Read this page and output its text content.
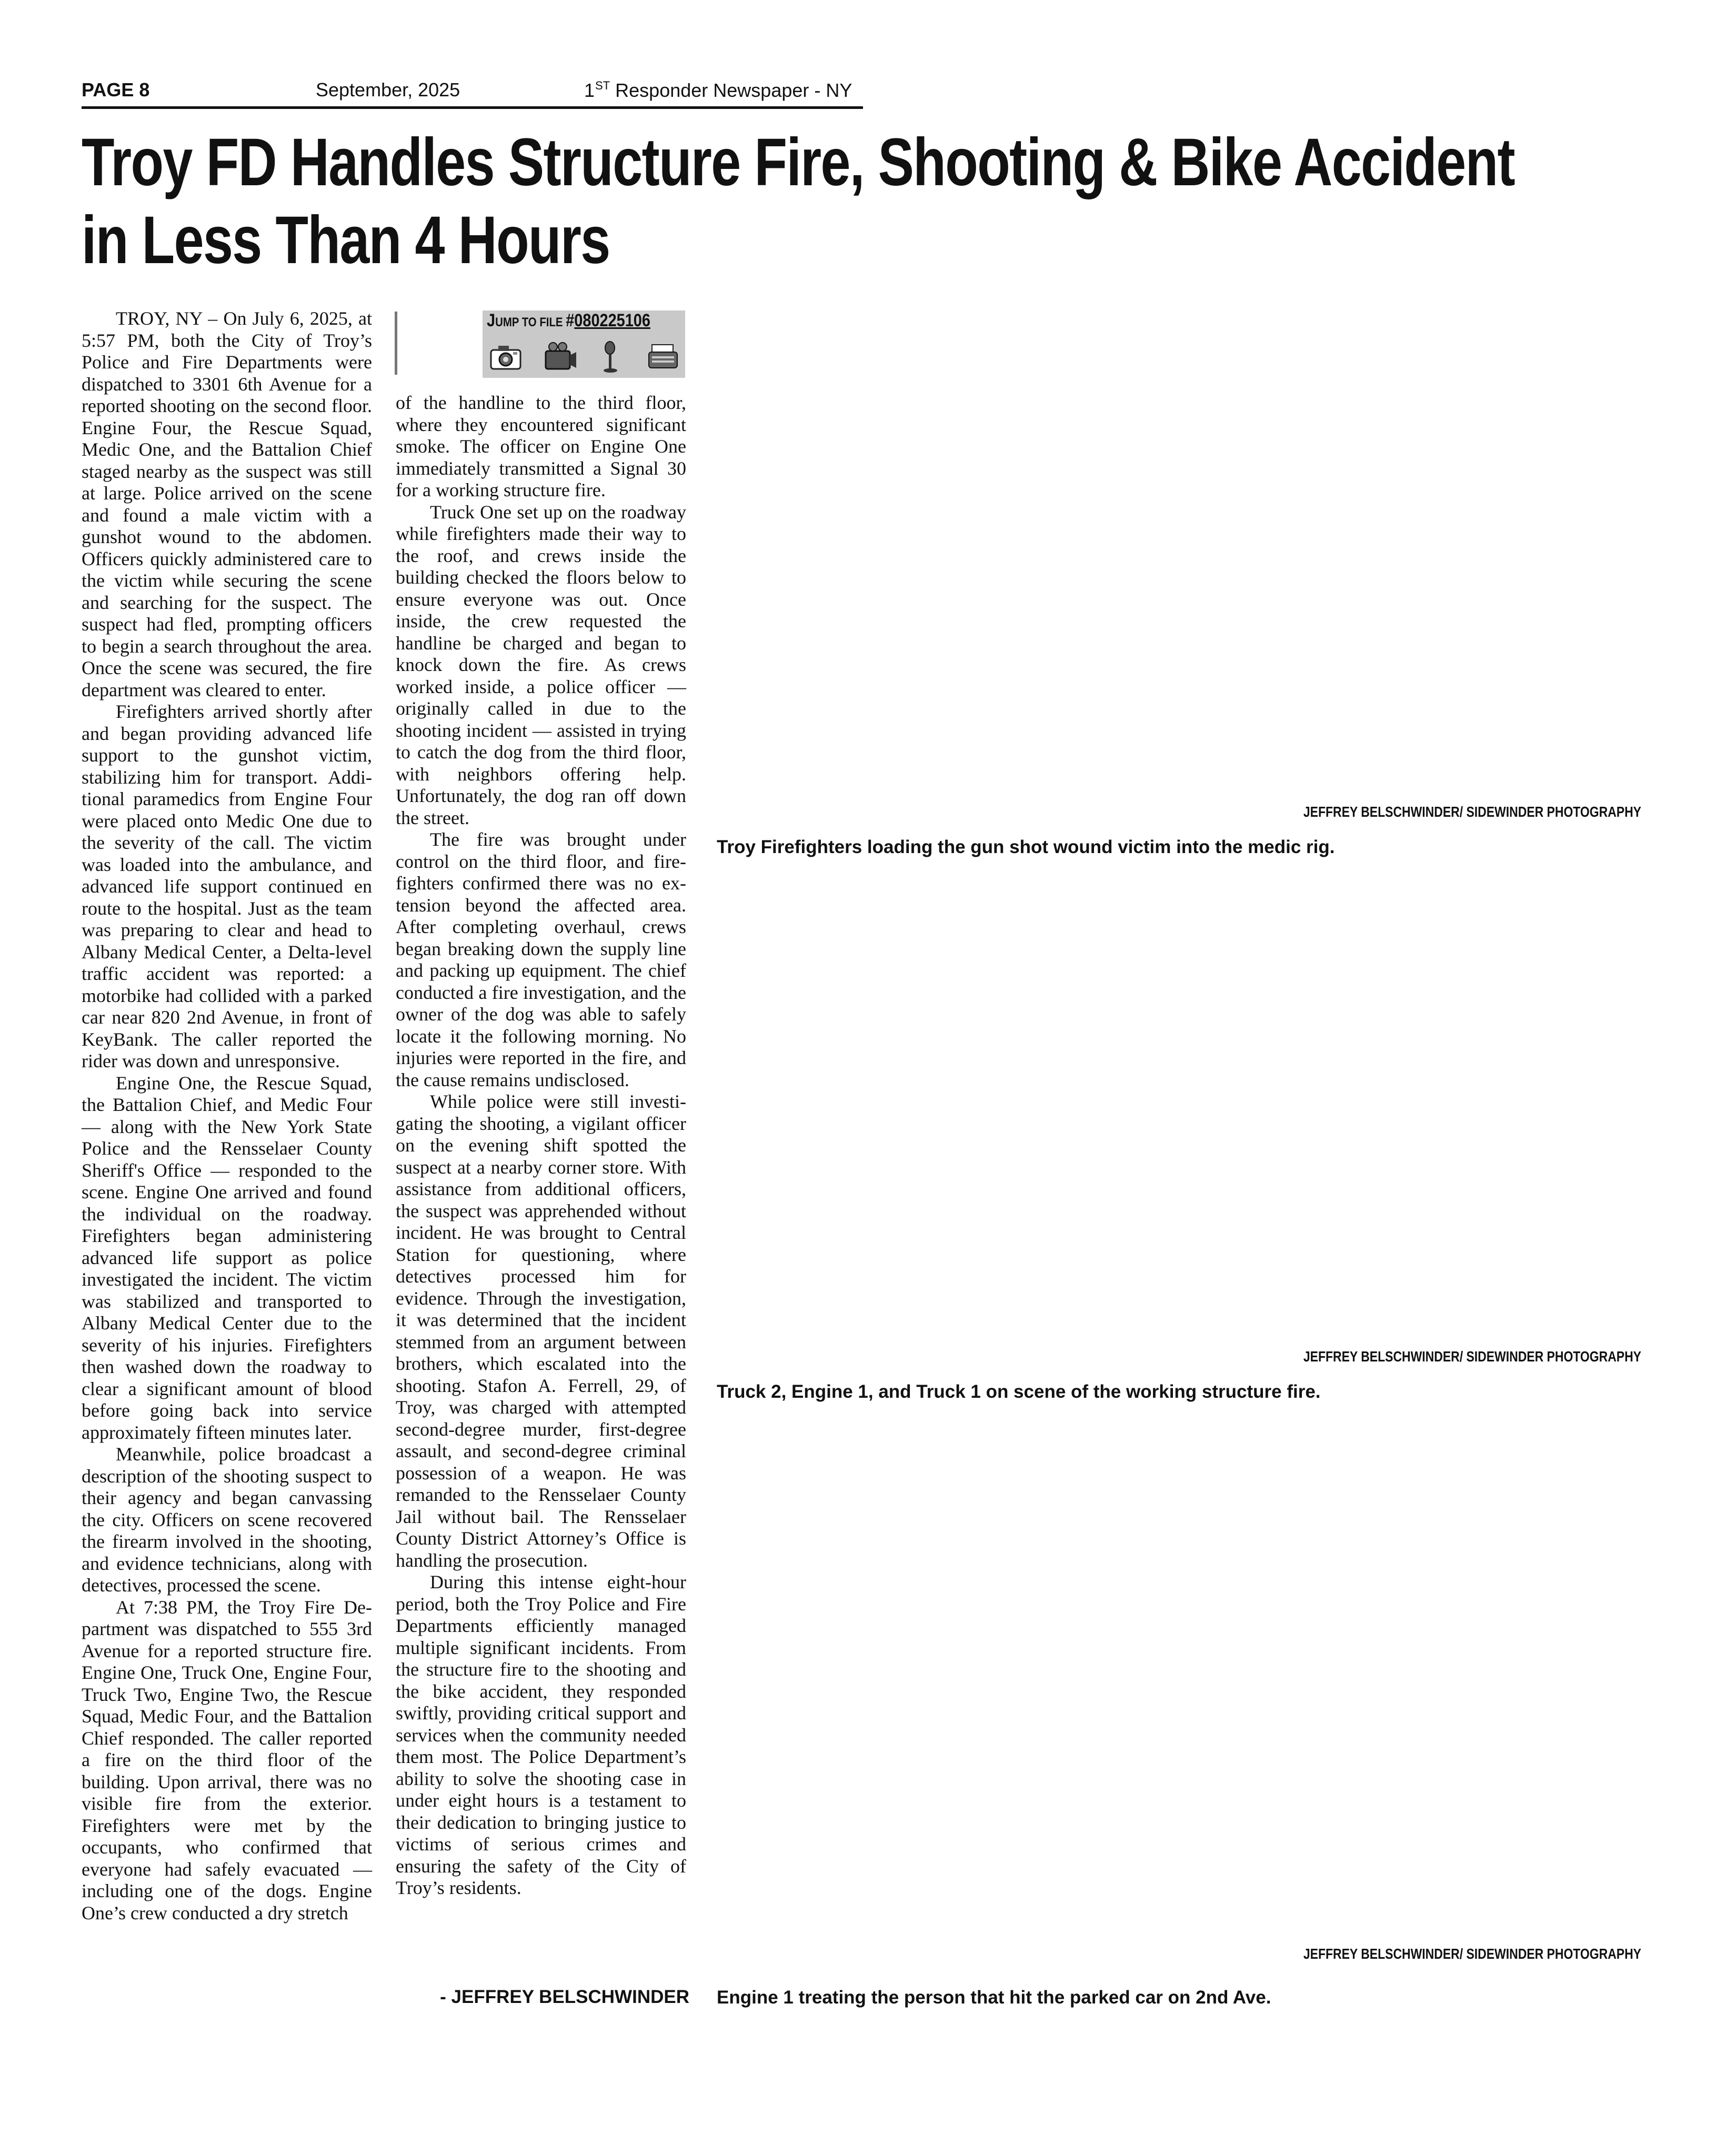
PAGE 8	September, 2025	1ST Responder Newspaper - NY
Troy FD Handles Structure Fire, Shooting & Bike Accident
in Less Than 4 Hours
JUMP TO FILE #080225106

TROY, NY – On July 6, 2025, at 5:57 PM, both the City of Troy’s Police and Fire Departments were dispatched to 3301 6th Avenue for a reported shooting on the second floor. Engine Four, the Rescue Squad, Medic One, and the Battalion Chief staged nearby as the suspect was still at large. Police arrived on the scene and found a male victim with a gunshot wound to the abdomen. Officers quickly administered care to the victim while securing the scene and searching for the suspect. The suspect had fled, prompting officers to begin a search throughout the area. Once the scene was secured, the fire department was cleared to enter.

Firefighters arrived shortly after and began providing advanced life support to the gunshot victim, stabilizing him for transport. Additional paramedics from Engine Four were placed onto Medic One due to the severity of the call. The victim was loaded into the ambulance, and advanced life support continued en route to the hospital. Just as the team was preparing to clear and head to Albany Medical Center, a Delta-level traffic accident was reported: a motorbike had collided with a parked car near 820 2nd Avenue, in front of KeyBank. The caller reported the rider was down and unresponsive.

Engine One, the Rescue Squad, the Battalion Chief, and Medic Four — along with the New York State Police and the Rensselaer County Sheriff's Office — responded to the scene. Engine One arrived and found the individual on the roadway. Firefighters began administering advanced life support as police investigated the incident. The victim was stabilized and transported to Albany Medical Center due to the severity of his injuries. Firefighters then washed down the roadway to clear a significant amount of blood before going back into service approximately fifteen minutes later.

Meanwhile, police broadcast a description of the shooting suspect to their agency and began canvassing the city. Officers on scene recovered the firearm involved in the shooting, and evidence technicians, along with detectives, processed the scene.

At 7:38 PM, the Troy Fire Department was dispatched to 555 3rd Avenue for a reported structure fire. Engine One, Truck One, Engine Four, Truck Two, Engine Two, the Rescue Squad, Medic Four, and the Battalion Chief responded. The caller reported a fire on the third floor of the building. Upon arrival, there was no visible fire from the exterior. Firefighters were met by the occupants, who confirmed that everyone had safely evacuated — including one of the dogs. Engine One’s crew conducted a dry stretch

of the handline to the third floor, where they encountered significant smoke. The officer on Engine One immediately transmitted a Signal 30 for a working structure fire.

Truck One set up on the roadway while firefighters made their way to the roof, and crews inside the building checked the floors below to ensure everyone was out. Once inside, the crew requested the handline be charged and began to knock down the fire. As crews worked inside, a police officer — originally called in due to the shooting incident — assisted in trying to catch the dog from the third floor, with neighbors offering help. Unfortunately, the dog ran off down the street.

The fire was brought under control on the third floor, and firefighters confirmed there was no extension beyond the affected area. After completing overhaul, crews began breaking down the supply line and packing up equipment. The chief conducted a fire investigation, and the owner of the dog was able to safely locate it the following morning. No injuries were reported in the fire, and the cause remains undisclosed.

While police were still investigating the shooting, a vigilant officer on the evening shift spotted the suspect at a nearby corner store. With assistance from additional officers, the suspect was apprehended without incident. He was brought to Central Station for questioning, where detectives processed him for evidence. Through the investigation, it was determined that the incident stemmed from an argument between brothers, which escalated into the shooting. Stafon A. Ferrell, 29, of Troy, was charged with attempted second-degree murder, first-degree assault, and second-degree criminal possession of a weapon. He was remanded to the Rensselaer County Jail without bail. The Rensselaer County District Attorney’s Office is handling the prosecution.

During this intense eight-hour period, both the Troy Police and Fire Departments efficiently managed multiple significant incidents. From the structure fire to the shooting and the bike accident, they responded swiftly, providing critical support and services when the community needed them most. The Police Department’s ability to solve the shooting case in under eight hours is a testament to their dedication to bringing justice to victims of serious crimes and ensuring the safety of the City of Troy’s residents.

- JEFFREY BELSCHWINDER
JEFFREY BELSCHWINDER/ SIDEWINDER PHOTOGRAPHY
Troy Firefighters loading the gun shot wound victim into the medic rig.
JEFFREY BELSCHWINDER/ SIDEWINDER PHOTOGRAPHY
Truck 2, Engine 1, and Truck 1 on scene of the working structure fire.
JEFFREY BELSCHWINDER/ SIDEWINDER PHOTOGRAPHY
Engine 1 treating the person that hit the parked car on 2nd Ave.
